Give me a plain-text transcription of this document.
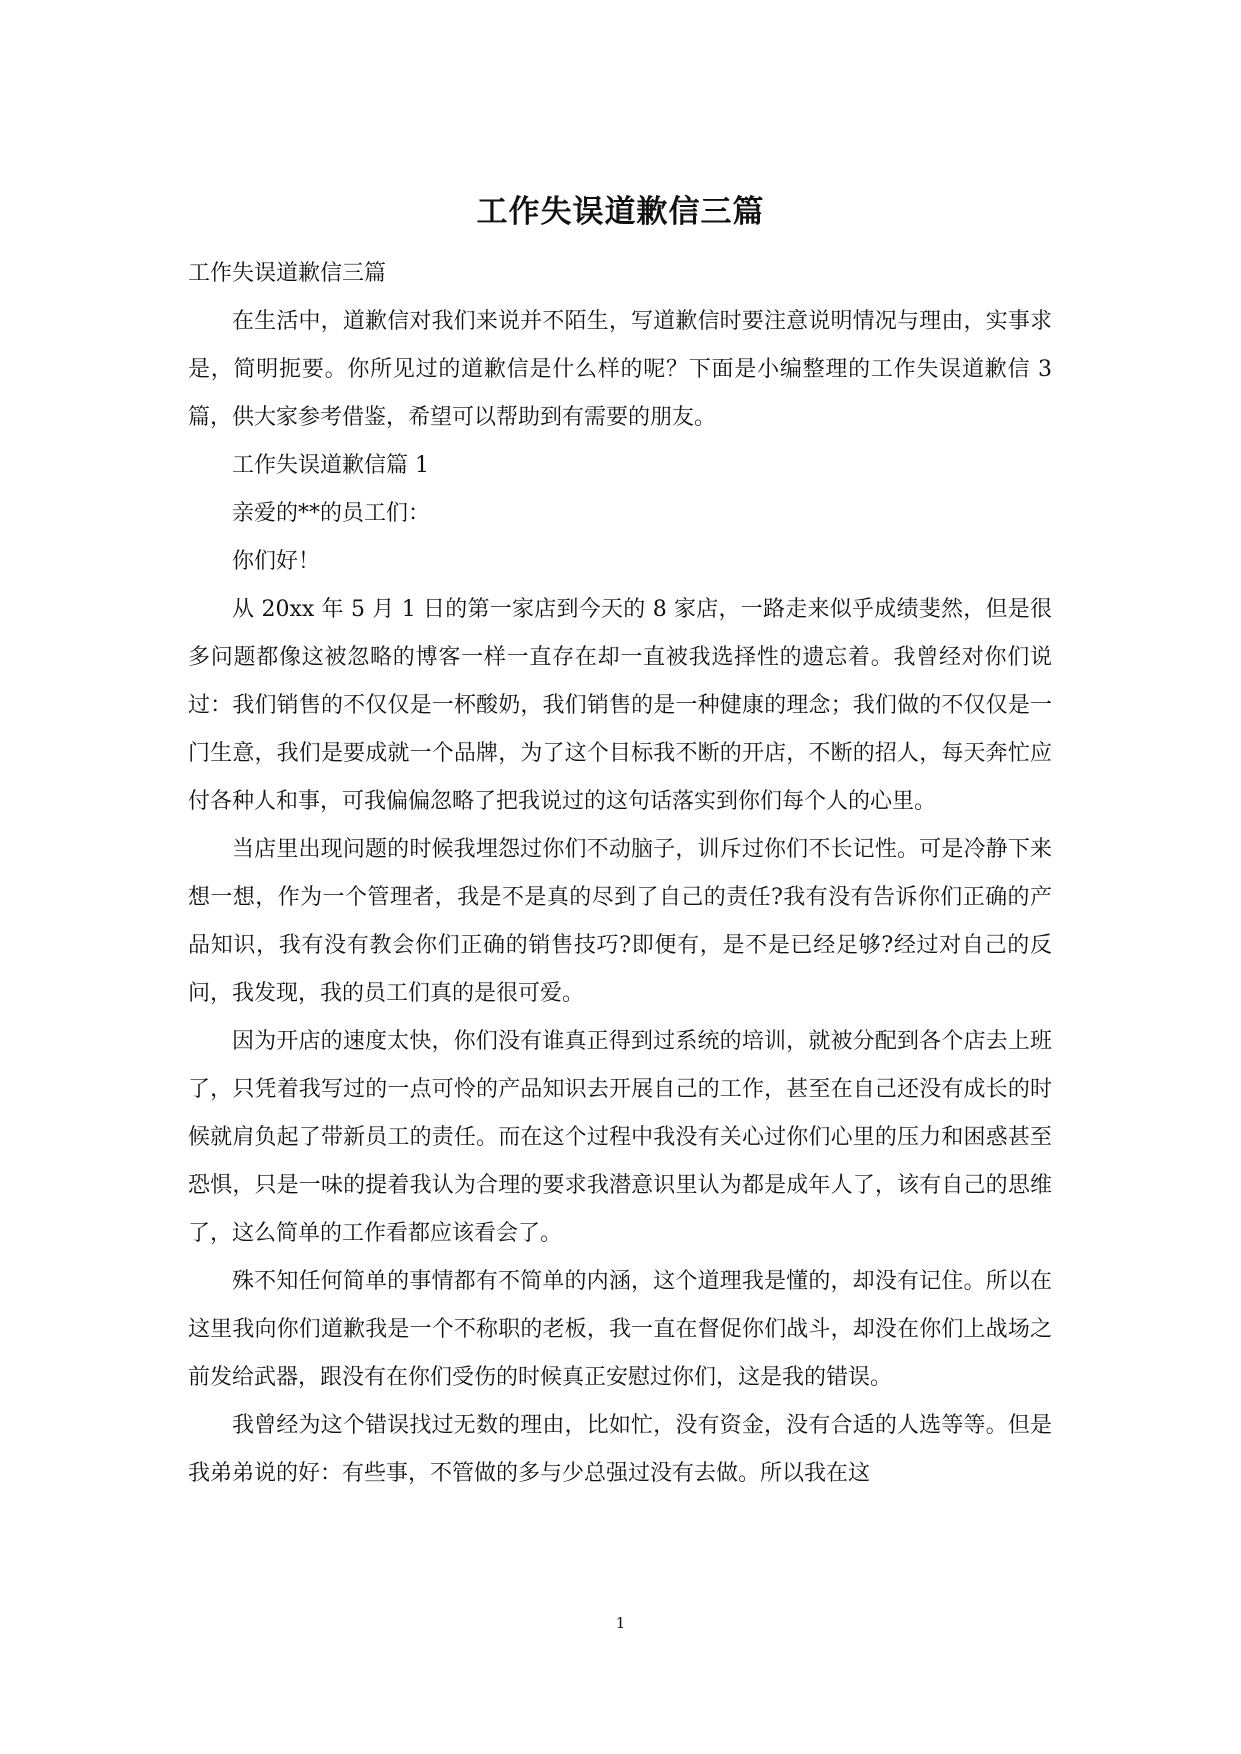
工作失误道歉信三篇

工作失误道歉信三篇

在生活中，道歉信对我们来说并不陌生，写道歉信时要注意说明情况与理由，实事求是，简明扼要。你所见过的道歉信是什么样的呢？下面是小编整理的工作失误道歉信 3 篇，供大家参考借鉴，希望可以帮助到有需要的朋友。

工作失误道歉信篇 1

亲爱的**的员工们：

你们好！

从 20xx 年 5 月 1 日的第一家店到今天的 8 家店，一路走来似乎成绩斐然，但是很多问题都像这被忽略的博客一样一直存在却一直被我选择性的遗忘着。我曾经对你们说过：我们销售的不仅仅是一杯酸奶，我们销售的是一种健康的理念；我们做的不仅仅是一门生意，我们是要成就一个品牌，为了这个目标我不断的开店，不断的招人，每天奔忙应付各种人和事，可我偏偏忽略了把我说过的这句话落实到你们每个人的心里。

当店里出现问题的时候我埋怨过你们不动脑子，训斥过你们不长记性。可是冷静下来想一想，作为一个管理者，我是不是真的尽到了自己的责任?我有没有告诉你们正确的产品知识，我有没有教会你们正确的销售技巧?即便有，是不是已经足够?经过对自己的反问，我发现，我的员工们真的是很可爱。

因为开店的速度太快，你们没有谁真正得到过系统的培训，就被分配到各个店去上班了，只凭着我写过的一点可怜的产品知识去开展自己的工作，甚至在自己还没有成长的时候就肩负起了带新员工的责任。而在这个过程中我没有关心过你们心里的压力和困惑甚至恐惧，只是一味的提着我认为合理的要求我潜意识里认为都是成年人了，该有自己的思维了，这么简单的工作看都应该看会了。

殊不知任何简单的事情都有不简单的内涵，这个道理我是懂的，却没有记住。所以在这里我向你们道歉我是一个不称职的老板，我一直在督促你们战斗，却没在你们上战场之前发给武器，跟没有在你们受伤的时候真正安慰过你们，这是我的错误。

我曾经为这个错误找过无数的理由，比如忙，没有资金，没有合适的人选等等。但是我弟弟说的好：有些事，不管做的多与少总强过没有去做。所以我在这

1
